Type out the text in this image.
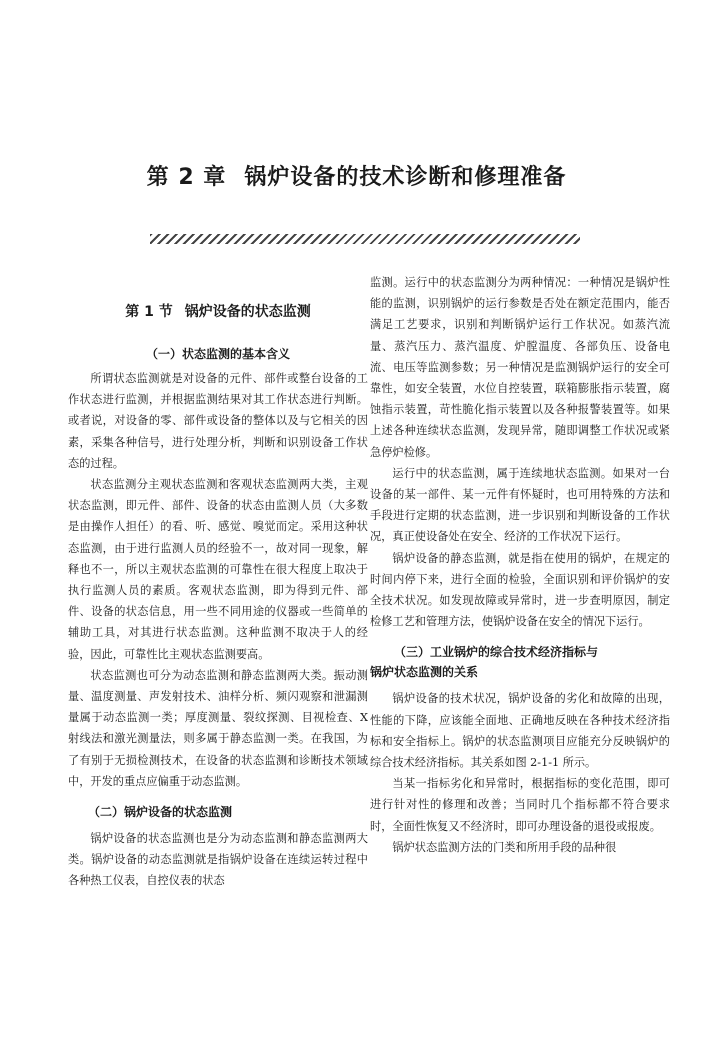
第 2 章 锅炉设备的技术诊断和修理准备
第 1 节 锅炉设备的状态监测
（一）状态监测的基本含义

所谓状态监测就是对设备的元件、部件或整台设备的工作状态进行监测，并根据监测结果对其工作状态进行判断。或者说，对设备的零、部件或设备的整体以及与它相关的因素，采集各种信号，进行处理分析，判断和识别设备工作状态的过程。

状态监测分主观状态监测和客观状态监测两大类，主观状态监测，即元件、部件、设备的状态由监测人员（大多数是由操作人担任）的看、听、感觉、嗅觉而定。采用这种状态监测，由于进行监测人员的经验不一，故对同一现象，解释也不一，所以主观状态监测的可靠性在很大程度上取决于执行监测人员的素质。客观状态监测，即为得到元件、部件、设备的状态信息，用一些不同用途的仪器或一些简单的辅助工具，对其进行状态监测。这种监测不取决于人的经验，因此，可靠性比主观状态监测要高。

状态监测也可分为动态监测和静态监测两大类。振动测量、温度测量、声发射技术、油样分析、频闪观察和泄漏测量属于动态监测一类；厚度测量、裂纹探测、目视检查、X 射线法和激光测量法，则多属于静态监测一类。在我国，为了有别于无损检测技术，在设备的状态监测和诊断技术领域中，开发的重点应偏重于动态监测。

（二）锅炉设备的状态监测

锅炉设备的状态监测也是分为动态监测和静态监测两大类。锅炉设备的动态监测就是指锅炉设备在连续运转过程中各种热工仪表，自控仪表的状态

监测。运行中的状态监测分为两种情况：一种情况是锅炉性能的监测，识别锅炉的运行参数是否处在额定范围内，能否满足工艺要求，识别和判断锅炉运行工作状况。如蒸汽流量、蒸汽压力、蒸汽温度、炉膛温度、各部负压、设备电流、电压等监测参数；另一种情况是监测锅炉运行的安全可靠性，如安全装置，水位自控装置，联箱膨胀指示装置，腐蚀指示装置，苛性脆化指示装置以及各种报警装置等。如果上述各种连续状态监测，发现异常，随即调整工作状况或紧急停炉检修。

运行中的状态监测，属于连续地状态监测。如果对一台设备的某一部件、某一元件有怀疑时，也可用特殊的方法和手段进行定期的状态监测，进一步识别和判断设备的工作状况，真正使设备处在安全、经济的工作状况下运行。

锅炉设备的静态监测，就是指在使用的锅炉，在规定的时间内停下来，进行全面的检验，全面识别和评价锅炉的安全技术状况。如发现故障或异常时，进一步查明原因，制定检修工艺和管理方法，使锅炉设备在安全的情况下运行。

（三）工业锅炉的综合技术经济指标与
锅炉状态监测的关系

锅炉设备的技术状况，锅炉设备的劣化和故障的出现，性能的下降，应该能全面地、正确地反映在各种技术经济指标和安全指标上。锅炉的状态监测项目应能充分反映锅炉的综合技术经济指标。其关系如图 2-1-1 所示。

当某一指标劣化和异常时，根据指标的变化范围，即可进行针对性的修理和改善；当同时几个指标都不符合要求时，全面性恢复又不经济时，即可办理设备的退役或报废。

锅炉状态监测方法的门类和所用手段的品种很
